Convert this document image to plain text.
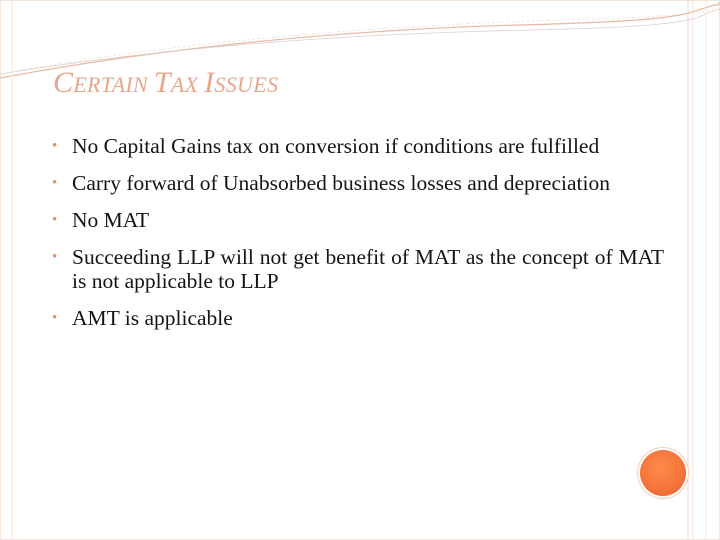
CERTAIN TAX ISSUES
• No Capital Gains tax on conversion if conditions are fulfilled
• Carry forward of Unabsorbed business losses and depreciation
• No MAT
• Succeeding LLP will not get benefit of MAT as the concept of MAT is not applicable to LLP
• AMT is applicable
